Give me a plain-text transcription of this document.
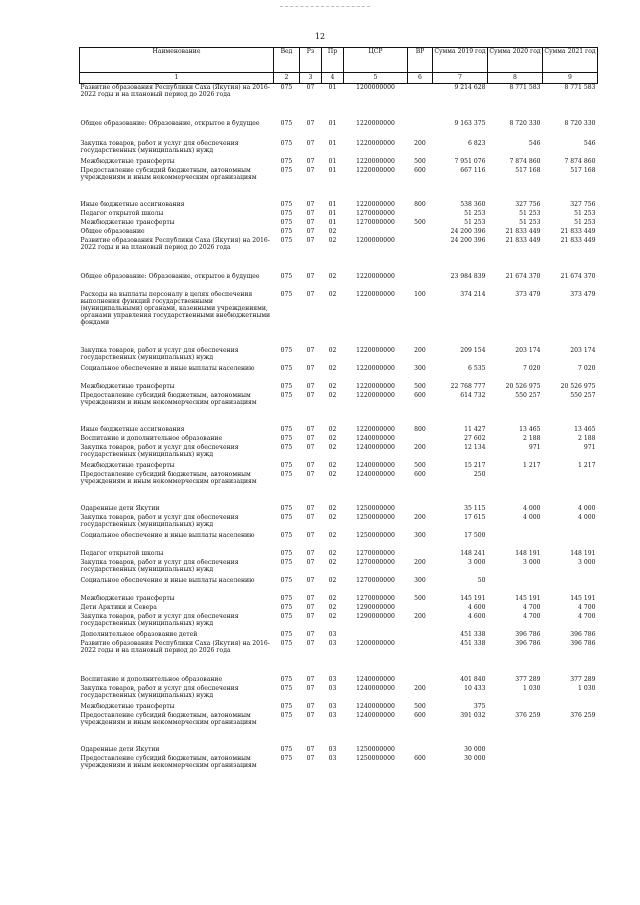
12
Наименование	Вед	Рз	Пр	ЦСР	ВР	Сумма 2019 год	Сумма 2020 год	Сумма 2021 год
1	2	3	4	5	6	7	8	9
Развитие образования Республики Саха (Якутия) на 2016-2022 годы и на плановый период до 2026 года	075	07	01	1200000000		9 214 628	8 771 583	8 771 583
Общее образование: Образование, открытое в будущее	075	07	01	1220000000		9 163 375	8 720 330	8 720 330
Закупка товаров, работ и услуг для обеспечения государственных (муниципальных) нужд	075	07	01	1220000000	200	6 823	546	546
Межбюджетные трансферты	075	07	01	1220000000	500	7 951 076	7 874 860	7 874 860
Предоставление субсидий бюджетным, автономным учреждениям и иным некоммерческим организациям	075	07	01	1220000000	600	667 116	517 168	517 168
Иные бюджетные ассигнования	075	07	01	1220000000	800	538 360	327 756	327 756
Педагог открытой школы	075	07	01	1270000000		51 253	51 253	51 253
Межбюджетные трансферты	075	07	01	1270000000	500	51 253	51 253	51 253
Общее образование	075	07	02			24 200 396	21 833 449	21 833 449
Развитие образования Республики Саха (Якутия) на 2016-2022 годы и на плановый период до 2026 года	075	07	02	1200000000		24 200 396	21 833 449	21 833 449
Общее образование: Образование, открытое в будущее	075	07	02	1220000000		23 984 839	21 674 370	21 674 370
Расходы на выплаты персоналу в целях обеспечения выполнения функций государственными (муниципальными) органами, казенными учреждениями, органами управления государственными внебюджетными фондами	075	07	02	1220000000	100	374 214	373 479	373 479
Закупка товаров, работ и услуг для обеспечения государственных (муниципальных) нужд	075	07	02	1220000000	200	209 154	203 174	203 174
Социальное обеспечение и иные выплаты населению	075	07	02	1220000000	300	6 535	7 020	7 020
Межбюджетные трансферты	075	07	02	1220000000	500	22 768 777	20 526 975	20 526 975
Предоставление субсидий бюджетным, автономным учреждениям и иным некоммерческим организациям	075	07	02	1220000000	600	614 732	550 257	550 257
Иные бюджетные ассигнования	075	07	02	1220000000	800	11 427	13 465	13 465
Воспитание и дополнительное образование	075	07	02	1240000000		27 602	2 188	2 188
Закупка товаров, работ и услуг для обеспечения государственных (муниципальных) нужд	075	07	02	1240000000	200	12 134	971	971
Межбюджетные трансферты	075	07	02	1240000000	500	15 217	1 217	1 217
Предоставление субсидий бюджетным, автономным учреждениям и иным некоммерческим организациям	075	07	02	1240000000	600	250		
Одаренные дети Якутии	075	07	02	1250000000		35 115	4 000	4 000
Закупка товаров, работ и услуг для обеспечения государственных (муниципальных) нужд	075	07	02	1250000000	200	17 615	4 000	4 000
Социальное обеспечение и иные выплаты населению	075	07	02	1250000000	300	17 500		
Педагог открытой школы	075	07	02	1270000000		148 241	148 191	148 191
Закупка товаров, работ и услуг для обеспечения государственных (муниципальных) нужд	075	07	02	1270000000	200	3 000	3 000	3 000
Социальное обеспечение и иные выплаты населению	075	07	02	1270000000	300	50		
Межбюджетные трансферты	075	07	02	1270000000	500	145 191	145 191	145 191
Дети Арктики и Севера	075	07	02	1290000000		4 600	4 700	4 700
Закупка товаров, работ и услуг для обеспечения государственных (муниципальных) нужд	075	07	02	1290000000	200	4 600	4 700	4 700
Дополнительное образование детей	075	07	03			451 338	396 786	396 786
Развитие образования Республики Саха (Якутия) на 2016-2022 годы и на плановый период до 2026 года	075	07	03	1200000000		451 338	396 786	396 786
Воспитание и дополнительное образование	075	07	03	1240000000		401 840	377 289	377 289
Закупка товаров, работ и услуг для обеспечения государственных (муниципальных) нужд	075	07	03	1240000000	200	10 433	1 030	1 030
Межбюджетные трансферты	075	07	03	1240000000	500	375		
Предоставление субсидий бюджетным, автономным учреждениям и иным некоммерческим организациям	075	07	03	1240000000	600	391 032	376 259	376 259
Одаренные дети Якутии	075	07	03	1250000000		30 000		
Предоставление субсидий бюджетным, автономным учреждениям и иным некоммерческим организациям	075	07	03	1250000000	600	30 000		
